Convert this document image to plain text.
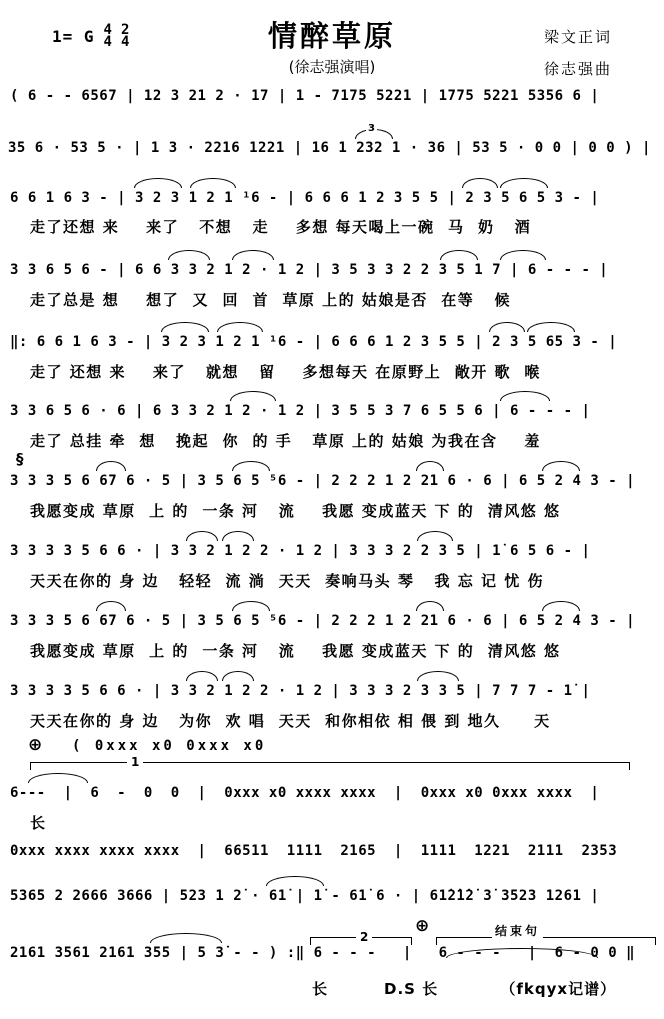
1= G 4
4
2
4	情醉草原
(徐志强演唱)
梁文正词
徐志强曲
( 6 - - 6567 | 12 3 21 2 · 17 | 1 - 7175 5221 | 1775 5221 5356 6 |
35 6 · 53 5 · | 1 3 · 2216 1221 | 16 1 232 1 · 36 | 53 5 · 0 0 | 0 0 ) |
3
6 6 1 6 3 - | 3 2 3 1 2 1 ¹6 - | 6 6 6 1 2 3 5 5 | 2 3 5 6 5 3 - |
走了还想 来    来了   不想   走    多想 每天喝上一碗  马  奶   酒
3 3 6 5 6 - | 6 6 3 3 2 1 2 · 1 2 | 3 5 3 3 2 2 3 5 1 7 | 6 - - - |
走了总是 想    想了  又  回  首  草原 上的 姑娘是否  在等   候
‖: 6 6 1 6 3 - | 3 2 3 1 2 1 ¹6 - | 6 6 6 1 2 3 5 5 | 2 3 5 65 3 - |
走了 还想 来    来了   就想   留    多想每天 在原野上  敞开 歌  喉
3 3 6 5 6 · 6 | 6 3 3 2 1 2 · 1 2 | 3 5 5 3 7 6 5 5 6 | 6 - - - |
走了 总挂 牵  想   挽起  你  的 手   草原 上的 姑娘 为我在含    羞
§
3 3 3 5 6 67 6 · 5 | 3 5 6 5 ⁵6 - | 2 2 2 1 2 21 6 · 6 | 6 5 2 4 3 - |
我愿变成 草原  上 的  一条 河   流    我愿 变成蓝天 下 的  清风悠 悠
3 3 3 3 5 6 6 · | 3 3 2 1 2 2 · 1 2 | 3 3 3 2 2 3 5 | 1̇ 6 5 6 - |
天天在你的 身 边   轻轻  流 淌  天天  奏响马头 琴   我 忘 记 忧 伤
3 3 3 5 6 67 6 · 5 | 3 5 6 5 ⁵6 - | 2 2 2 1 2 21 6 · 6 | 6 5 2 4 3 - |
我愿变成 草原  上 的  一条 河   流    我愿 变成蓝天 下 的  清风悠 悠
3 3 3 3 5 6 6 · | 3 3 2 1 2 2 · 1 2 | 3 3 3 2 3 3 5 | 7 7 7 - 1̇ |
天天在你的 身 边   为你  欢 唱  天天  和你相依 相 偎 到 地久     天
⊕ ( 0xxx x0 0xxx x0
1
6---  |  6  -  0  0  |  0xxx x0 xxxx xxxx  |  0xxx x0 0xxx xxxx  |
长
0xxx xxxx xxxx xxxx  |  66511  1111  2165  |  1111  1221  2111  2353
5365 2 2666 3666 | 523 1 2̇ · 61̇ | 1̇ - 61̇ 6 · | 61̇2̇1̇2̇ 3̇ 3523 1261 |
2
⊕	结束句
2161 3561 2161 355 | 5 3̇ - - ) :‖ 6 - - -   |   6 - - -   |  6 - 0 0 ‖
长         D.S 长          （fkqyx记谱）
